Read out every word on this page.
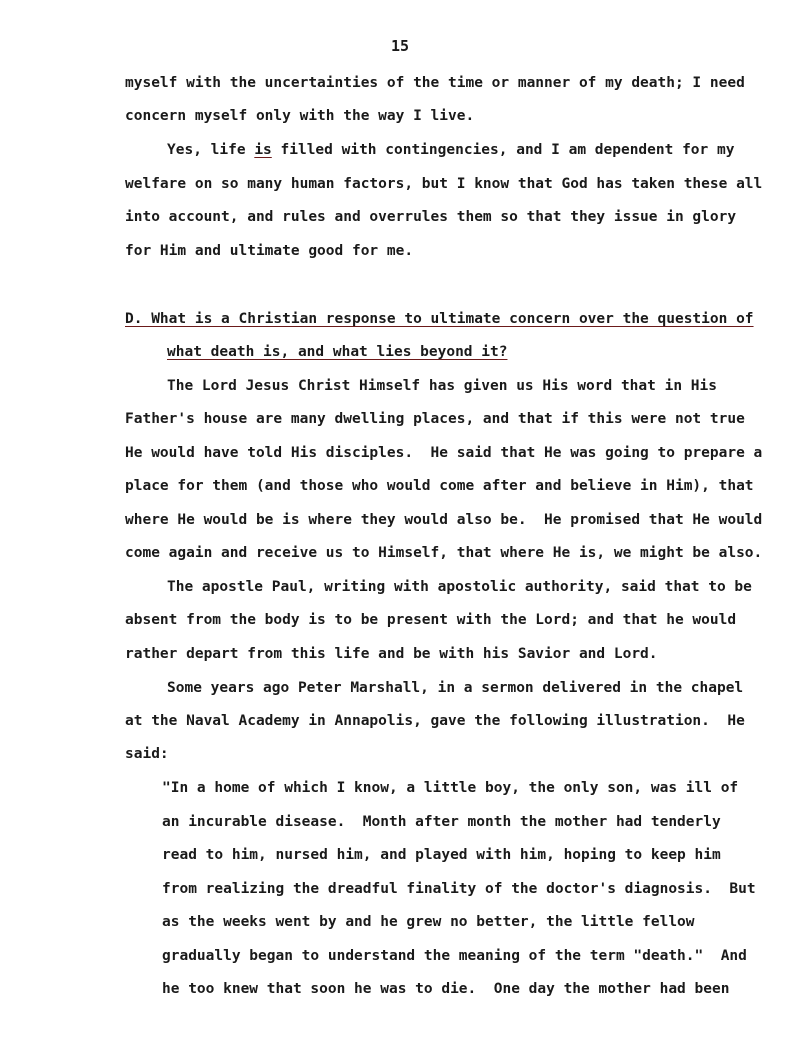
15
myself with the uncertainties of the time or manner of my death; I need
concern myself only with the way I live.
Yes, life is filled with contingencies, and I am dependent for my
welfare on so many human factors, but I know that God has taken these all
into account, and rules and overrules them so that they issue in glory
for Him and ultimate good for me.
D. What is a Christian response to ultimate concern over the question of
what death is, and what lies beyond it?
The Lord Jesus Christ Himself has given us His word that in His
Father's house are many dwelling places, and that if this were not true
He would have told His disciples.  He said that He was going to prepare a
place for them (and those who would come after and believe in Him), that
where He would be is where they would also be.  He promised that He would
come again and receive us to Himself, that where He is, we might be also.
The apostle Paul, writing with apostolic authority, said that to be
absent from the body is to be present with the Lord; and that he would
rather depart from this life and be with his Savior and Lord.
Some years ago Peter Marshall, in a sermon delivered in the chapel
at the Naval Academy in Annapolis, gave the following illustration.  He
said:
"In a home of which I know, a little boy, the only son, was ill of
an incurable disease.  Month after month the mother had tenderly
read to him, nursed him, and played with him, hoping to keep him
from realizing the dreadful finality of the doctor's diagnosis.  But
as the weeks went by and he grew no better, the little fellow
gradually began to understand the meaning of the term "death."  And
he too knew that soon he was to die.  One day the mother had been
